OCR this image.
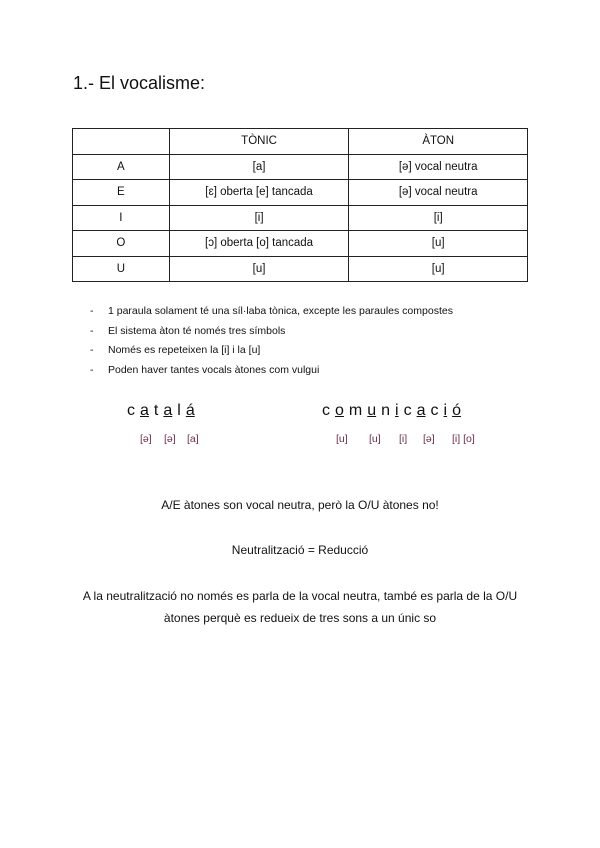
1.- El vocalisme:
	TÒNIC	ÀTON
A	[a]	[ə] vocal neutra
E	[ɛ] oberta [e] tancada	[ə] vocal neutra
I	[i]	[i]
O	[ɔ] oberta [o] tancada	[u]
U	[u]	[u]
- 1 paraula solament té una síl·laba tònica, excepte les paraules compostes
- El sistema àton té només tres símbols
- Només es repeteixen la [i] i la [u]
- Poden haver tantes vocals àtones com vulgui
c a t a l á
[ə] [ə] [a]
c o m u n i c a c i ó
[u] [u] [i] [ə] [i] [o]

A/E àtones son vocal neutra, però la O/U àtones no!

Neutralització = Reducció

A la neutralització no només es parla de la vocal neutra, també es parla de la O/U

àtones perquè es redueix de tres sons a un únic so
